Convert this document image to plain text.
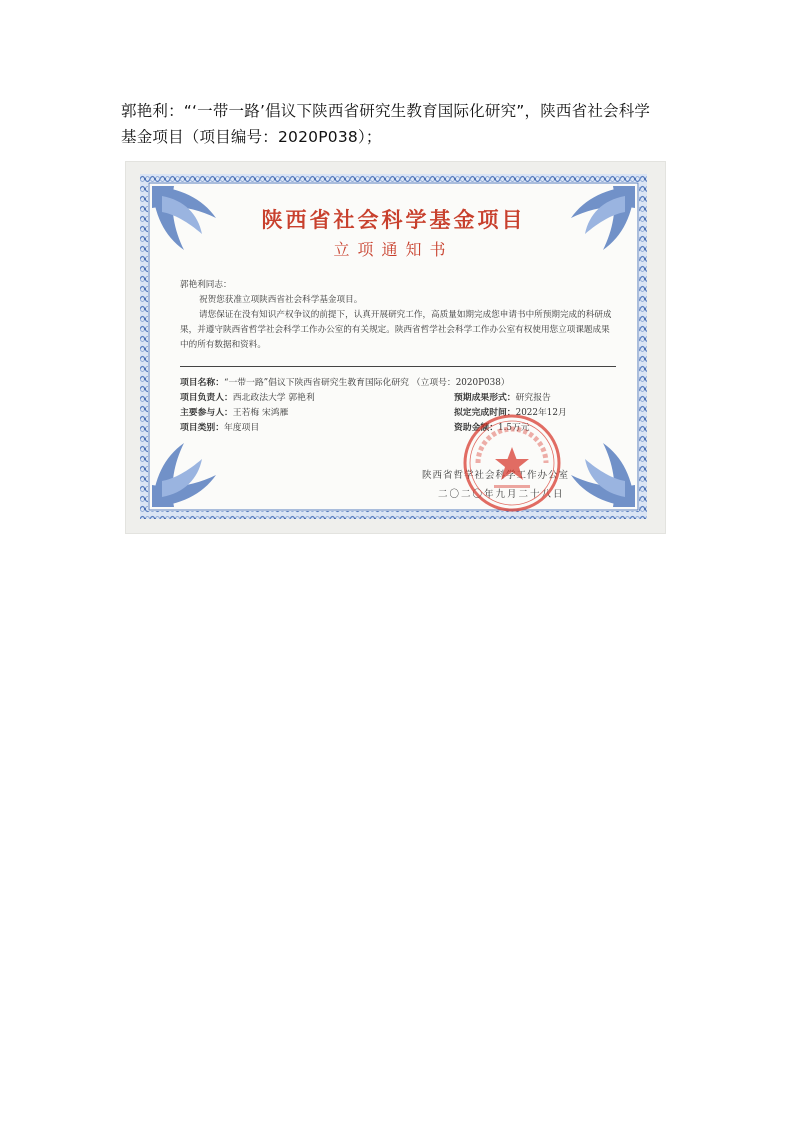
郭艳利：“‘一带一路’倡议下陕西省研究生教育国际化研究”，陕西省社会科学
基金项目（项目编号：2020P038）；
陕西省社会科学基金项目
立项通知书

郭艳利同志：

祝贺您获准立项陕西省社会科学基金项目。

请您保证在没有知识产权争议的前提下，认真开展研究工作，高质量如期完成您申请书中所预期完成的科研成果，并遵守陕西省哲学社会科学工作办公室的有关规定。陕西省哲学社会科学工作办公室有权使用您立项课题成果中的所有数据和资料。

项目名称：“一带一路”倡议下陕西省研究生教育国际化研究 （立项号：2020P038）
项目负责人：西北政法大学 郭艳利	预期成果形式：研究报告
主要参与人：王若梅 宋鸿雁	拟定完成时间：2022年12月
项目类别：年度项目	资助金额：1.5万元
陕西省哲学社会科学工作办公室
二〇二〇年九月二十八日
